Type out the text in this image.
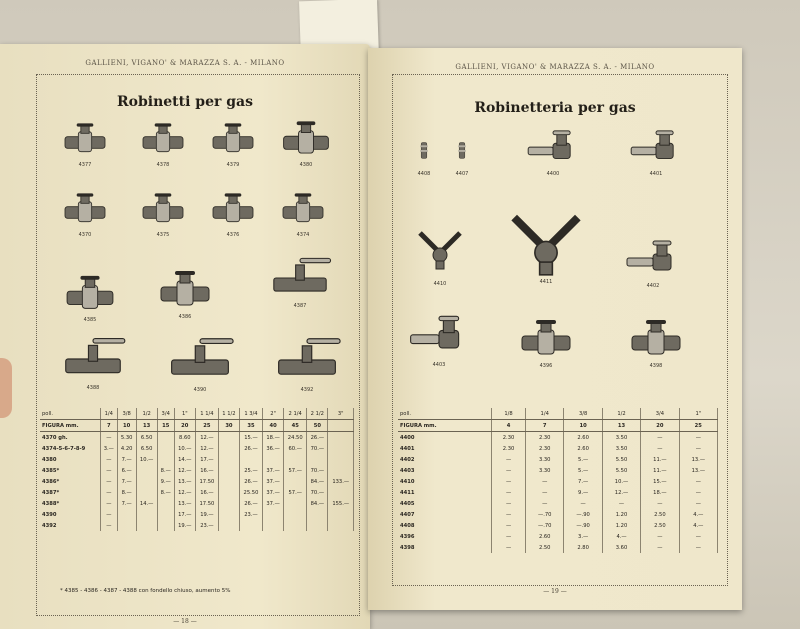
GALLIENI, VIGANO' & MARAZZA S. A. - MILANO
Robinetti per gas
4377	4378	4379	4380
4370	4375	4376	4374
4385	4386
4387
4388	4390	4392
poll.	1/4	3/8	1/2	3/4	1"	1 1/4	1 1/2	1 3/4	2"	2 1/4	2 1/2	3"
FIGURA mm.	7	10	13	15	20	25	30	35	40	45	50	
4370 gh.	—	5.30	6.50		8.60	12.—		15.—	18.—	24.50	26.—	
4374-5-6-7-8-9	3.—	4.20	6.50		10.—	12.—		26.—	36.—	60.—	70.—	
4380	—	7.—	10.—		14.—	17.—						
4385*	—	6.—		8.—	12.—	16.—		25.—	37.—	57.—	70.—	
4386*	—	7.—		9.—	13.—	17.50		26.—	37.—		84.—	133.—
4387*	—	8.—		8.—	12.—	16.—		25.50	37.—	57.—	70.—	
4388*	—	7.—	14.—		13.—	17.50		26.—	37.—		84.—	155.—
4390	—				17.—	19.—		23.—				
4392	—				19.—	23.—						
* 4385 - 4386 - 4387 - 4388 con fondello chiuso, aumento 5%
— 18 —
GALLIENI, VIGANO' & MARAZZA S. A. - MILANO
Robinetteria per gas
4408	4407	4400	4401
4410	4411
4402
4403	4396	4398
poll.	1/8	1/4	3/8	1/2	3/4	1"
FIGURA mm.	4	7	10	13	20	25
4400	2.30	2.30	2.60	3.50	—	—
4401	2.30	2.30	2.60	3.50	—	—
4402	—	3.30	5.—	5.50	11.—	13.—
4403	—	3.30	5.—	5.50	11.—	13.—
4410	—	—	7.—	10.—	15.—	—
4411	—	—	9.—	12.—	18.—	—
4405	—	—	—	—	—	—
4407	—	—.70	—.90	1.20	2.50	4.—
4408	—	—.70	—.90	1.20	2.50	4.—
4396	—	2.60	3.—	4.—	—	—
4398	—	2.50	2.80	3.60	—	—
— 19 —
